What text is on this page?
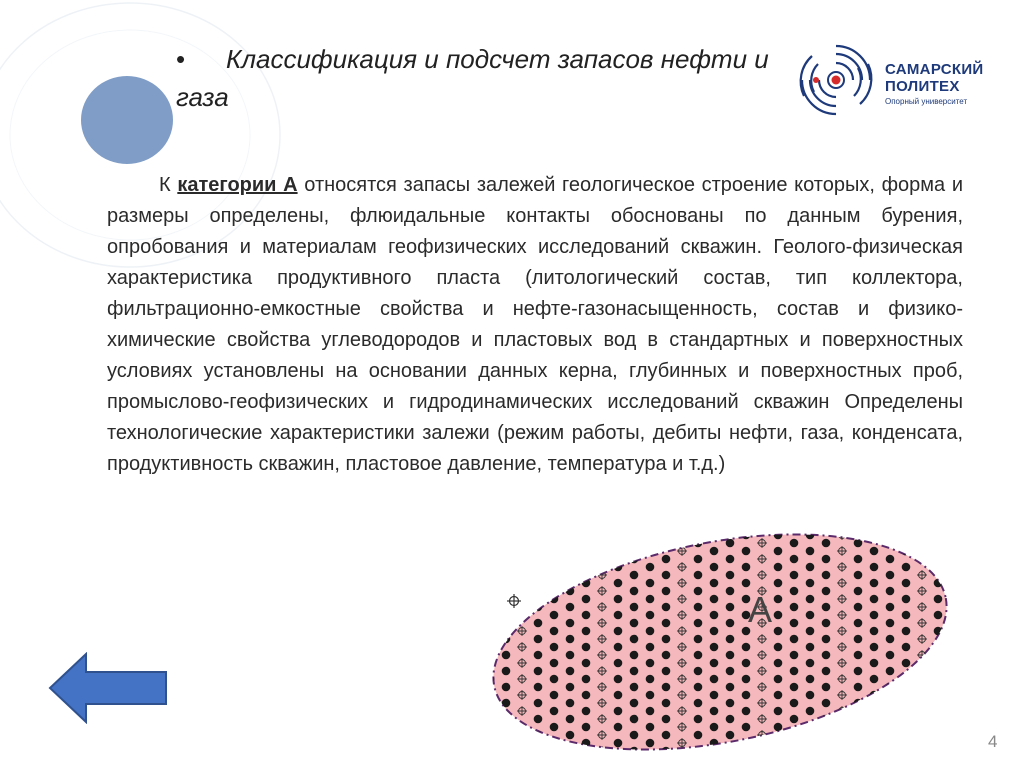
• Классификация и подсчет запасов нефти и газа
САМАРСКИЙ
ПОЛИТЕХ
Опорный университет
К категории А относятся запасы залежей геологическое строение которых, форма и размеры определены, флюидальные контакты обоснованы по данным бурения, опробования и материалам геофизических исследований скважин. Геолого-физическая характеристика продуктивного пласта (литологический состав, тип коллектора, фильтрационно-емкостные свойства и нефте-газонасыщенность, состав и физико-химические свойства углеводородов и пластовых вод в стандартных и поверхностных условиях установлены на основании данных керна, глубинных и поверхностных проб, промыслово-геофизических и гидродинамических исследований скважин Определены технологические характеристики залежи (режим работы, дебиты нефти, газа, конденсата, продуктивность скважин, пластовое давление, температура и т.д.)
А
4
